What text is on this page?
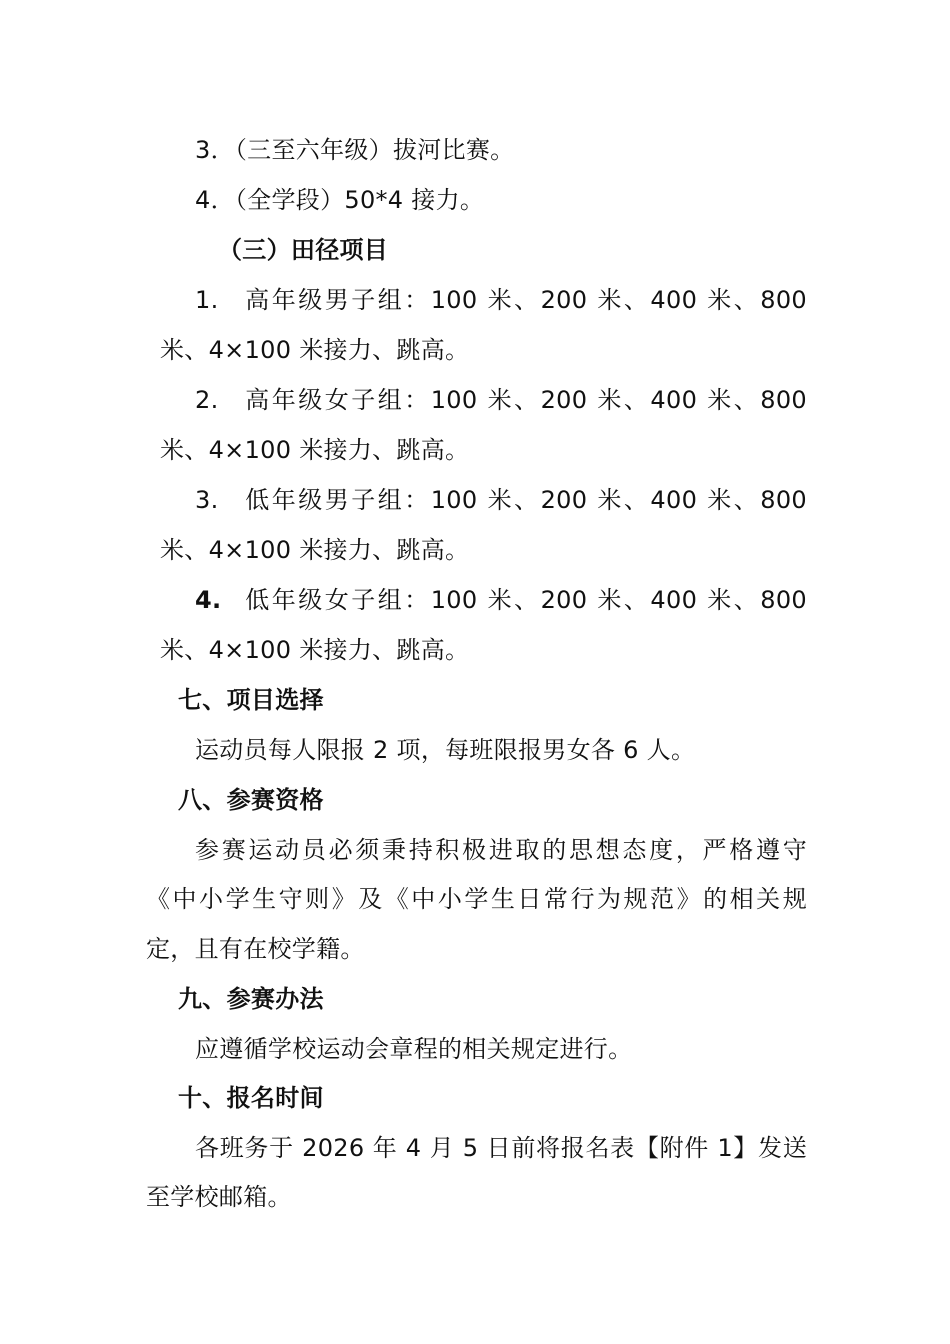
3．（三至六年级）拔河比赛。
4．（全学段）50*4 接力。
（三）田径项目
1. 高年级男子组：100 米、200 米、400 米、800
米、4×100 米接力、跳高。
2. 高年级女子组：100 米、200 米、400 米、800
米、4×100 米接力、跳高。
3. 低年级男子组：100 米、200 米、400 米、800
米、4×100 米接力、跳高。
4. 低年级女子组：100 米、200 米、400 米、800
米、4×100 米接力、跳高。
七、项目选择
运动员每人限报 2 项，每班限报男女各 6 人。
八、参赛资格
参赛运动员必须秉持积极进取的思想态度，严格遵守
《中小学生守则》及《中小学生日常行为规范》的相关规
定，且有在校学籍。
九、参赛办法
应遵循学校运动会章程的相关规定进行。
十、报名时间
各班务于 2026 年 4 月 5 日前将报名表【附件 1】发送
至学校邮箱。
